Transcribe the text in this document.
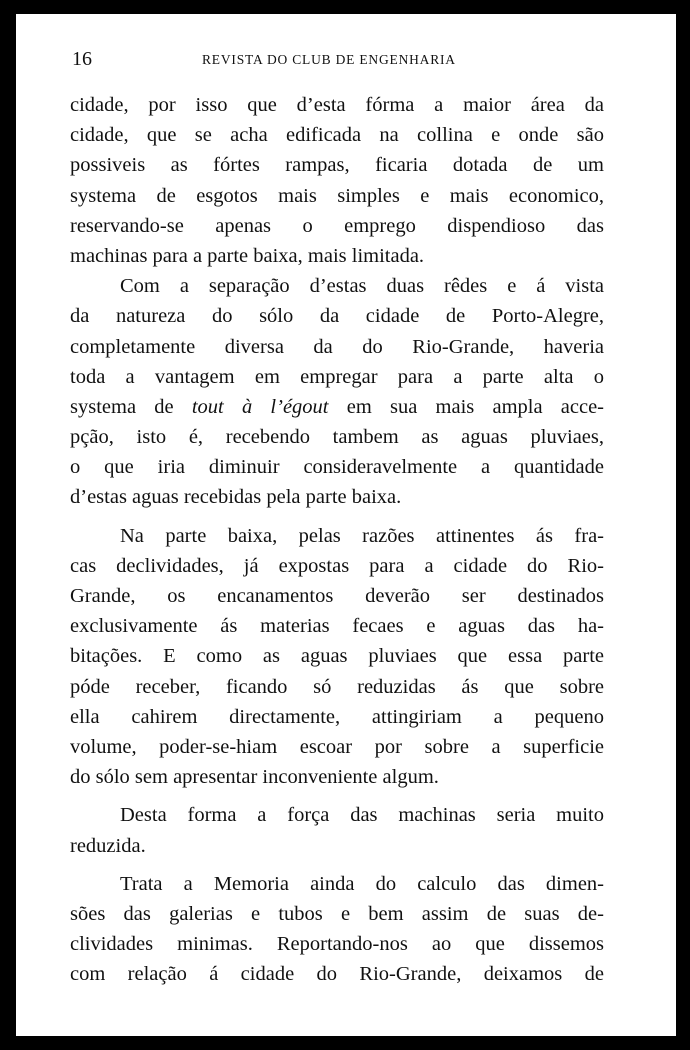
16	REVISTA DO CLUB DE ENGENHARIA
cidade, por isso que d’esta fórma a maior área da
cidade, que se acha edificada na collina e onde são
possiveis as fórtes rampas, ficaria dotada de um
systema de esgotos mais simples e mais economico,
reservando-se apenas o emprego dispendioso das
machinas para a parte baixa, mais limitada.
Com a separação d’estas duas rêdes e á vista
da natureza do sólo da cidade de Porto-Alegre,
completamente diversa da do Rio-Grande, haveria
toda a vantagem em empregar para a parte alta o
systema de tout à l’égout em sua mais ampla acce-
pção, isto é, recebendo tambem as aguas pluviaes,
o que iria diminuir consideravelmente a quantidade
d’estas aguas recebidas pela parte baixa.
Na parte baixa, pelas razões attinentes ás fra-
cas declividades, já expostas para a cidade do Rio-
Grande, os encanamentos deverão ser destinados
exclusivamente ás materias fecaes e aguas das ha-
bitações. E como as aguas pluviaes que essa parte
póde receber, ficando só reduzidas ás que sobre
ella cahirem directamente, attingiriam a pequeno
volume, poder-se-hiam escoar por sobre a superficie
do sólo sem apresentar inconveniente algum.
Desta forma a força das machinas seria muito
reduzida.
Trata a Memoria ainda do calculo das dimen-
sões das galerias e tubos e bem assim de suas de-
clividades minimas. Reportando-nos ao que dissemos
com relação á cidade do Rio-Grande, deixamos de
